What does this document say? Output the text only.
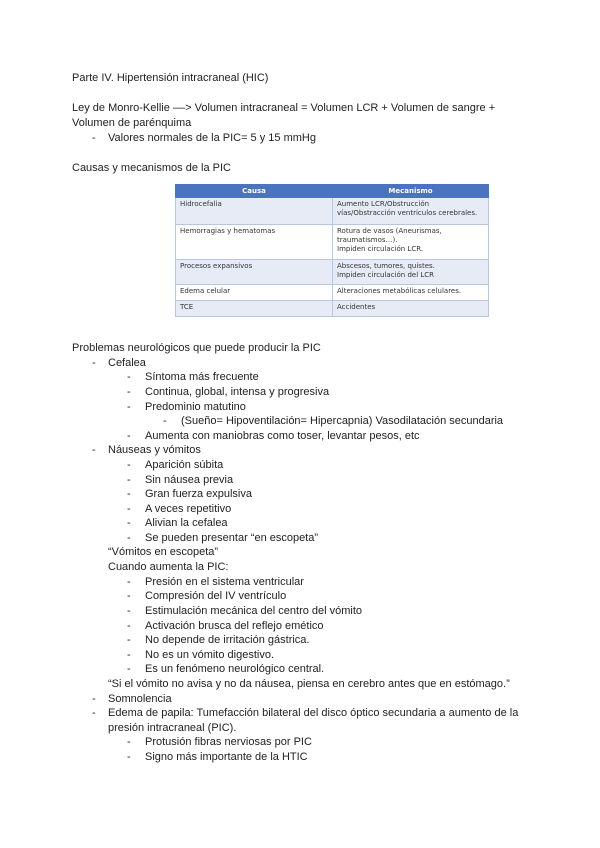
Parte IV. Hipertensión intracraneal (HIC)
Ley de Monro-Kellie ––> Volumen intracraneal = Volumen LCR + Volumen de sangre +
Volumen de parénquima
- Valores normales de la PIC= 5 y 15 mmHg
Causas y mecanismos de la PIC
Causa	Mecanismo
Hidrocefalia	Aumento LCR/Obstrucción
vías/Obstracción ventriculos cerebrales.

Hemorragias y hematomas	Rotura de vasos (Aneurismas,
traumatismos…).
Impiden circulación LCR.

Procesos expansivos	Abscesos, tumores, quistes.
Impiden circulación del LCR

Edema celular	Alteraciones metabólicas celulares.

TCE	Accidentes
Problemas neurológicos que puede producir la PIC
- Cefalea
- Síntoma más frecuente
- Continua, global, intensa y progresiva
- Predominio matutino
- (Sueño= Hipoventilación= Hipercapnia) Vasodilatación secundaria
- Aumenta con maniobras como toser, levantar pesos, etc
- Náuseas y vómitos
- Aparición súbita
- Sin náusea previa
- Gran fuerza expulsiva
- A veces repetitivo
- Alivian la cefalea
- Se pueden presentar “en escopeta”
“Vómitos en escopeta”
Cuando aumenta la PIC:
- Presión en el sistema ventricular
- Compresión del IV ventrículo
- Estimulación mecánica del centro del vómito
- Activación brusca del reflejo emético
- No depende de irritación gástrica.
- No es un vómito digestivo.
- Es un fenómeno neurológico central.
“Si el vómito no avisa y no da náusea, piensa en cerebro antes que en estómago.”
- Somnolencia
- Edema de papila: Tumefacción bilateral del disco óptico secundaria a aumento de la
presión intracraneal (PIC).
- Protusión fibras nerviosas por PIC
- Signo más importante de la HTIC
